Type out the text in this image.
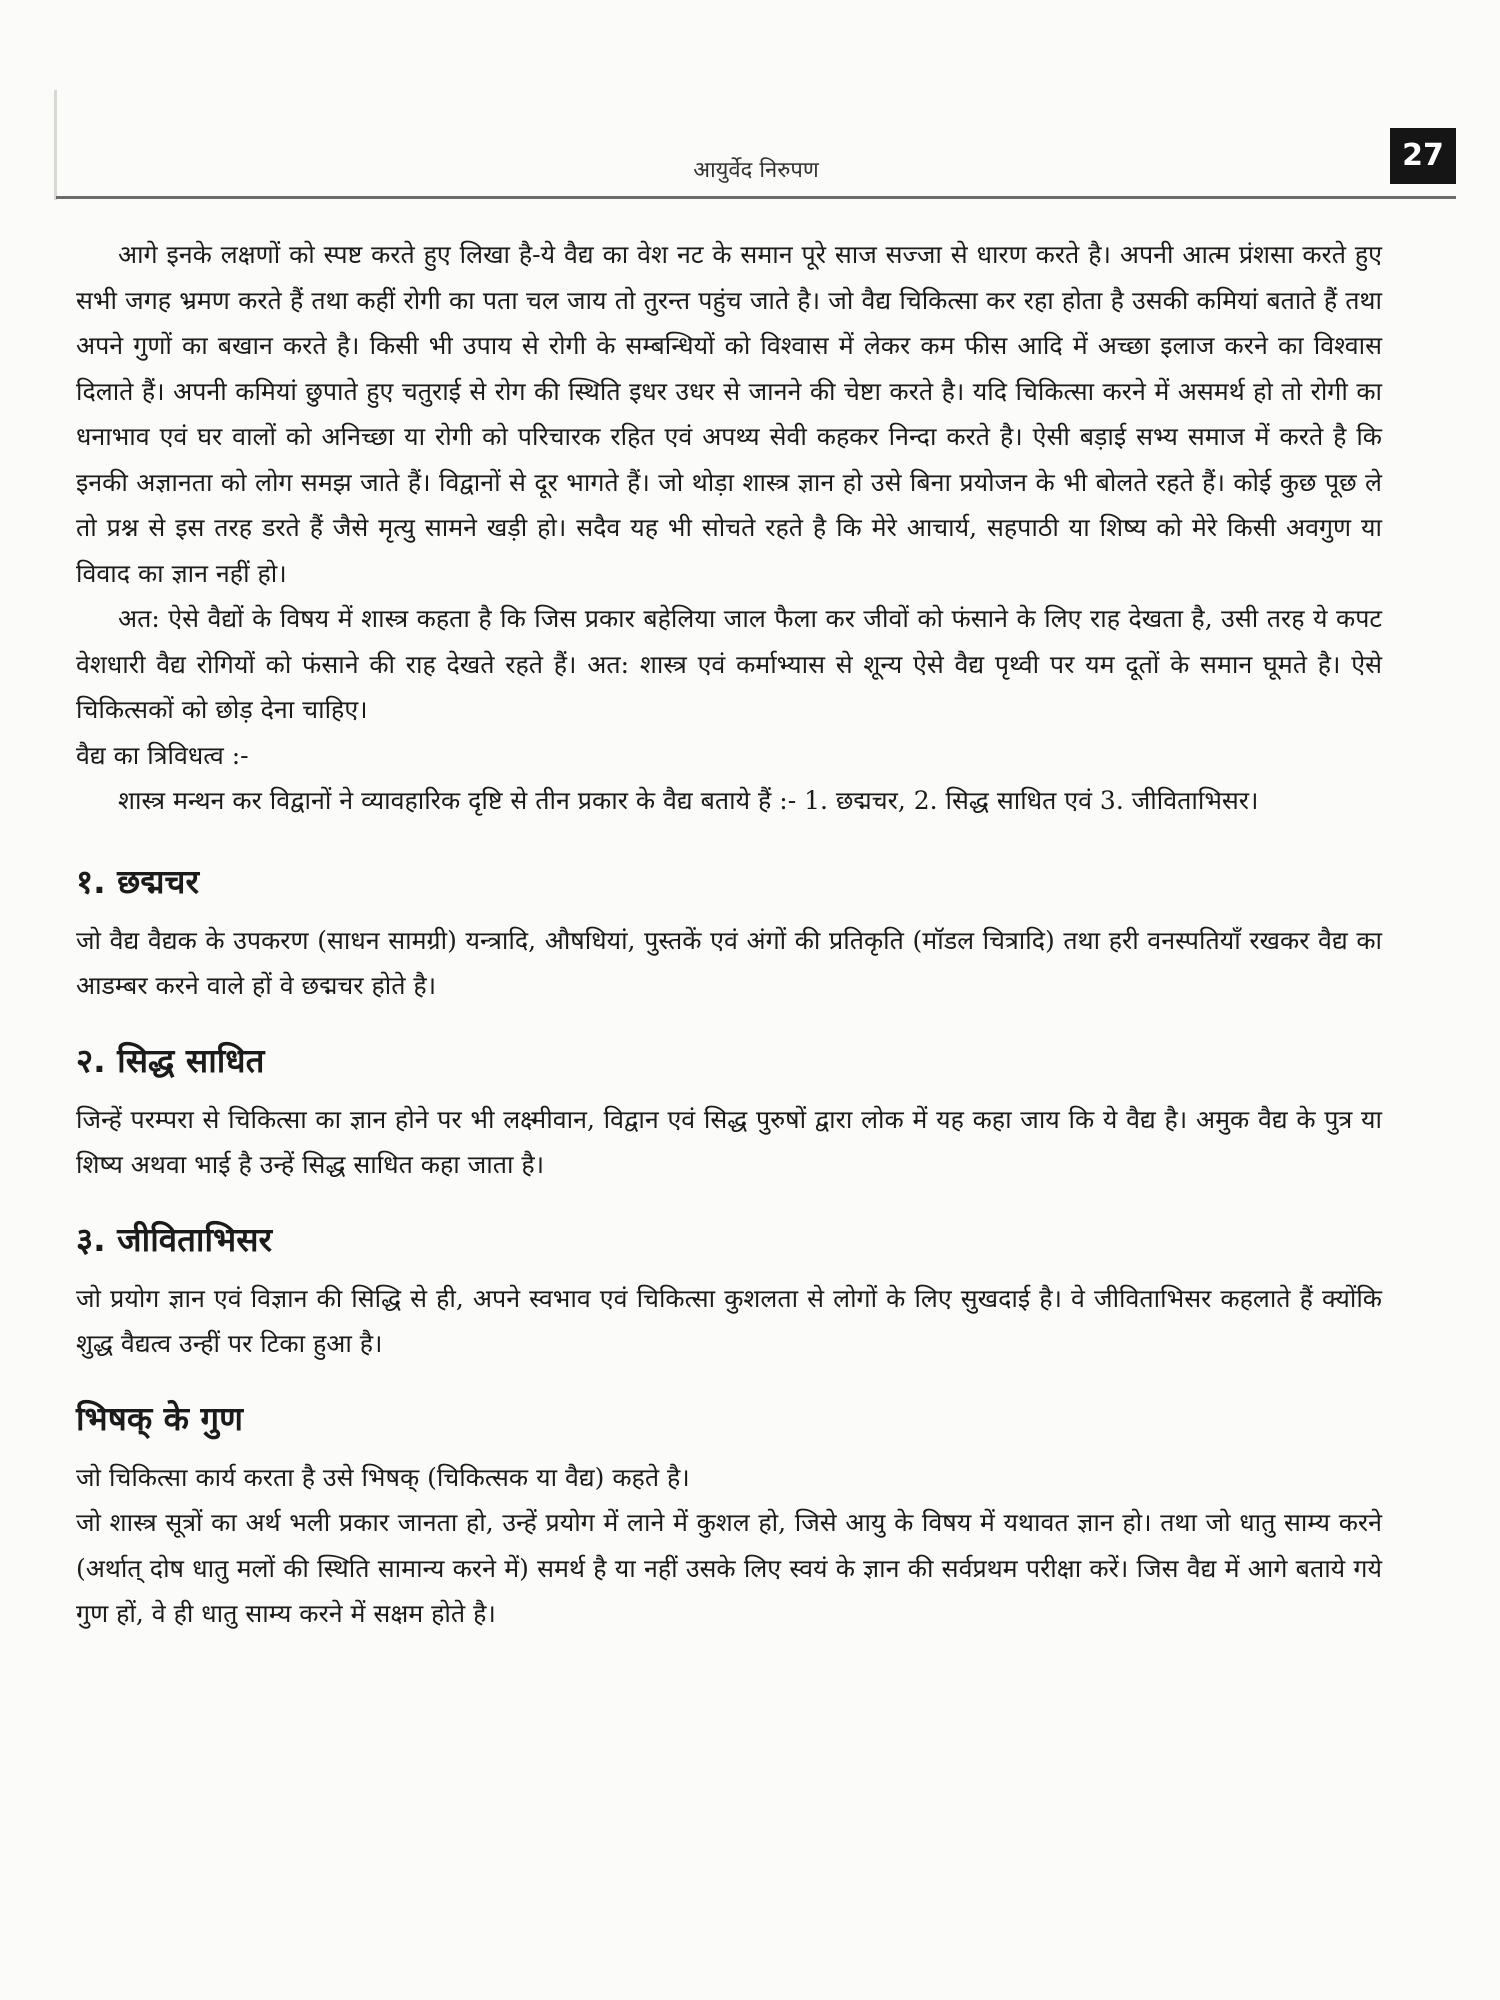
आयुर्वेद निरुपण	27

आगे इनके लक्षणों को स्पष्ट करते हुए लिखा है-ये वैद्य का वेश नट के समान पूरे साज सज्जा से धारण करते है। अपनी आत्म प्रंशसा करते हुए सभी जगह भ्रमण करते हैं तथा कहीं रोगी का पता चल जाय तो तुरन्त पहुंच जाते है। जो वैद्य चिकित्सा कर रहा होता है उसकी कमियां बताते हैं तथा अपने गुणों का बखान करते है। किसी भी उपाय से रोगी के सम्बन्धियों को विश्वास में लेकर कम फीस आदि में अच्छा इलाज करने का विश्वास दिलाते हैं। अपनी कमियां छुपाते हुए चतुराई से रोग की स्थिति इधर उधर से जानने की चेष्टा करते है। यदि चिकित्सा करने में असमर्थ हो तो रोगी का धनाभाव एवं घर वालों को अनिच्छा या रोगी को परिचारक रहित एवं अपथ्य सेवी कहकर निन्दा करते है। ऐसी बड़ाई सभ्य समाज में करते है कि इनकी अज्ञानता को लोग समझ जाते हैं। विद्वानों से दूर भागते हैं। जो थोड़ा शास्त्र ज्ञान हो उसे बिना प्रयोजन के भी बोलते रहते हैं। कोई कुछ पूछ ले तो प्रश्न से इस तरह डरते हैं जैसे मृत्यु सामने खड़ी हो। सदैव यह भी सोचते रहते है कि मेरे आचार्य, सहपाठी या शिष्य को मेरे किसी अवगुण या विवाद का ज्ञान नहीं हो।

अत: ऐसे वैद्यों के विषय में शास्त्र कहता है कि जिस प्रकार बहेलिया जाल फैला कर जीवों को फंसाने के लिए राह देखता है, उसी तरह ये कपट वेशधारी वैद्य रोगियों को फंसाने की राह देखते रहते हैं। अत: शास्त्र एवं कर्माभ्यास से शून्य ऐसे वैद्य पृथ्वी पर यम दूतों के समान घूमते है। ऐसे चिकित्सकों को छोड़ देना चाहिए।

वैद्य का त्रिविधत्व :-

शास्त्र मन्थन कर विद्वानों ने व्यावहारिक दृष्टि से तीन प्रकार के वैद्य बताये हैं :- 1. छद्मचर, 2. सिद्ध साधित एवं 3. जीविताभिसर।

१. छद्मचर

जो वैद्य वैद्यक के उपकरण (साधन सामग्री) यन्त्रादि, औषधियां, पुस्तकें एवं अंगों की प्रतिकृति (मॉडल चित्रादि) तथा हरी वनस्पतियाँ रखकर वैद्य का आडम्बर करने वाले हों वे छद्मचर होते है।

२. सिद्ध साधित

जिन्हें परम्परा से चिकित्सा का ज्ञान होने पर भी लक्ष्मीवान, विद्वान एवं सिद्ध पुरुषों द्वारा लोक में यह कहा जाय कि ये वैद्य है। अमुक वैद्य के पुत्र या शिष्य अथवा भाई है उन्हें सिद्ध साधित कहा जाता है।

३. जीविताभिसर

जो प्रयोग ज्ञान एवं विज्ञान की सिद्धि से ही, अपने स्वभाव एवं चिकित्सा कुशलता से लोगों के लिए सुखदाई है। वे जीविताभिसर कहलाते हैं क्योंकि शुद्ध वैद्यत्व उन्हीं पर टिका हुआ है।

भिषक् के गुण

जो चिकित्सा कार्य करता है उसे भिषक् (चिकित्सक या वैद्य) कहते है।

जो शास्त्र सूत्रों का अर्थ भली प्रकार जानता हो, उन्हें प्रयोग में लाने में कुशल हो, जिसे आयु के विषय में यथावत ज्ञान हो। तथा जो धातु साम्य करने (अर्थात् दोष धातु मलों की स्थिति सामान्य करने में) समर्थ है या नहीं उसके लिए स्वयं के ज्ञान की सर्वप्रथम परीक्षा करें। जिस वैद्य में आगे बताये गये गुण हों, वे ही धातु साम्य करने में सक्षम होते है।
